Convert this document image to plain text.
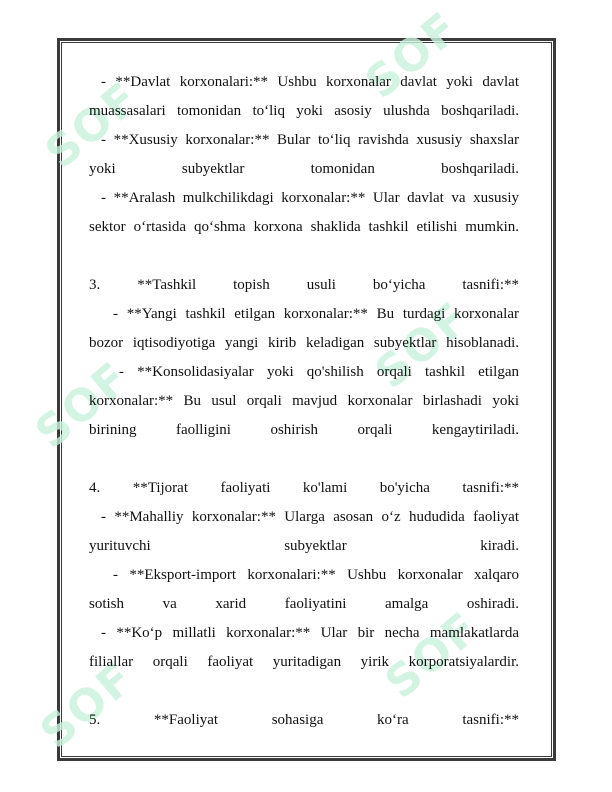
SOF
SOF
SOF
SOF
SOF	SOF
- **Davlat korxonalari:** Ushbu korxonalar davlat yoki davlat
muassasalari tomonidan to‘liq yoki asosiy ulushda boshqariladi.
- **Xususiy korxonalar:** Bular to‘liq ravishda xususiy shaxslar
yoki subyektlar tomonidan boshqariladi.
- **Aralash mulkchilikdagi korxonalar:** Ular davlat va xususiy
sektor o‘rtasida qo‘shma korxona shaklida tashkil etilishi mumkin.
3. **Tashkil topish usuli bo‘yicha tasnifi:**
- **Yangi tashkil etilgan korxonalar:** Bu turdagi korxonalar
bozor iqtisodiyotiga yangi kirib keladigan subyektlar hisoblanadi.
- **Konsolidasiyalar yoki qo'shilish orqali tashkil etilgan
korxonalar:** Bu usul orqali mavjud korxonalar birlashadi yoki
birining faolligini oshirish orqali kengaytiriladi.
4. **Tijorat faoliyati ko'lami bo'yicha tasnifi:**
- **Mahalliy korxonalar:** Ularga asosan o‘z hududida faoliyat
yurituvchi subyektlar kiradi.
- **Eksport-import korxonalari:** Ushbu korxonalar xalqaro
sotish va xarid faoliyatini amalga oshiradi.
- **Ko‘p millatli korxonalar:** Ular bir necha mamlakatlarda
filiallar orqali faoliyat yuritadigan yirik korporatsiyalardir.
5. **Faoliyat sohasiga ko‘ra tasnifi:**
